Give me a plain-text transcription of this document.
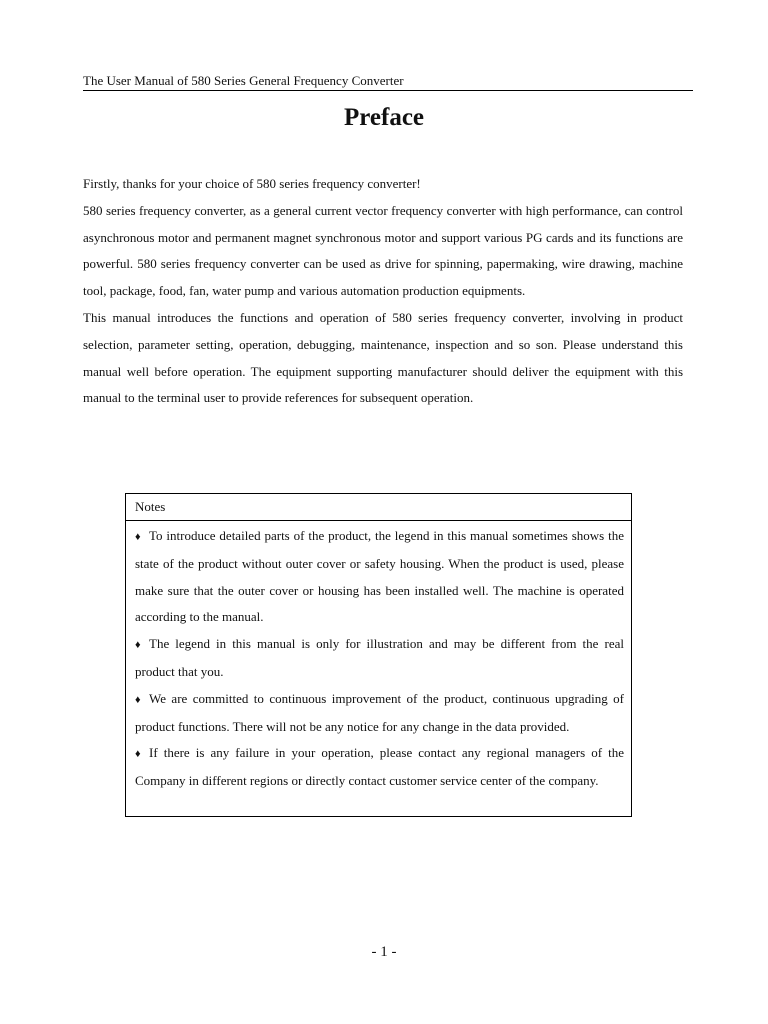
The User Manual of 580 Series General Frequency Converter
Preface

Firstly, thanks for your choice of 580 series frequency converter!

580 series frequency converter, as a general current vector frequency converter with high performance, can control asynchronous motor and permanent magnet synchronous motor and support various PG cards and its functions are powerful. 580 series frequency converter can be used as drive for spinning, papermaking, wire drawing, machine tool, package, food, fan, water pump and various automation production equipments.

This manual introduces the functions and operation of 580 series frequency converter, involving in product selection, parameter setting, operation, debugging, maintenance, inspection and so son. Please understand this manual well before operation. The equipment supporting manufacturer should deliver the equipment with this manual to the terminal user to provide references for subsequent operation.

Notes

♦ To introduce detailed parts of the product, the legend in this manual sometimes shows the state of the product without outer cover or safety housing. When the product is used, please make sure that the outer cover or housing has been installed well. The machine is operated according to the manual.

♦ The legend in this manual is only for illustration and may be different from the real product that you.

♦ We are committed to continuous improvement of the product, continuous upgrading of product functions. There will not be any notice for any change in the data provided.

♦ If there is any failure in your operation, please contact any regional managers of the Company in different regions or directly contact customer service center of the company.

- 1 -
